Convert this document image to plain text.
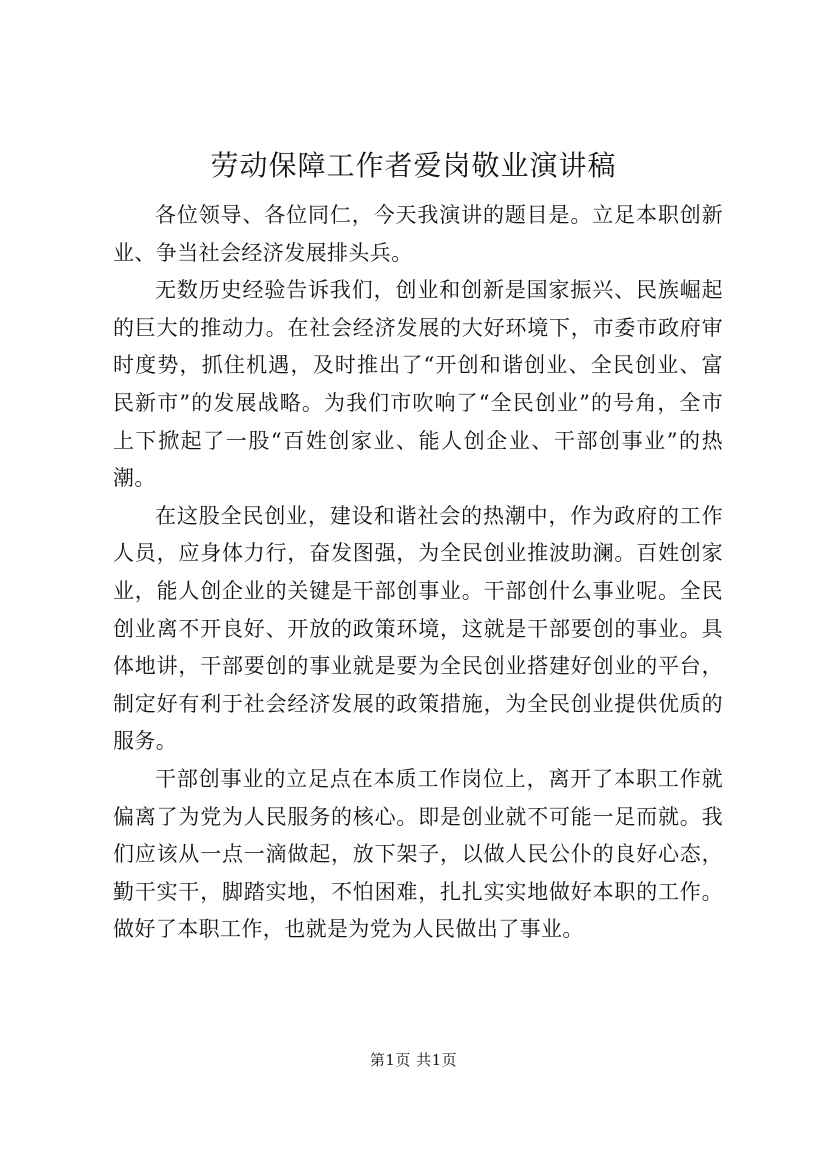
劳动保障工作者爱岗敬业演讲稿

各位领导、各位同仁，今天我演讲的题目是。立足本职创新业、争当社会经济发展排头兵。

无数历史经验告诉我们，创业和创新是国家振兴、民族崛起的巨大的推动力。在社会经济发展的大好环境下，市委市政府审时度势，抓住机遇，及时推出了“开创和谐创业、全民创业、富民新市”的发展战略。为我们市吹响了“全民创业”的号角，全市上下掀起了一股“百姓创家业、能人创企业、干部创事业”的热潮。

在这股全民创业，建设和谐社会的热潮中，作为政府的工作人员，应身体力行，奋发图强，为全民创业推波助澜。百姓创家业，能人创企业的关键是干部创事业。干部创什么事业呢。全民创业离不开良好、开放的政策环境，这就是干部要创的事业。具体地讲，干部要创的事业就是要为全民创业搭建好创业的平台，制定好有利于社会经济发展的政策措施，为全民创业提供优质的服务。

干部创事业的立足点在本质工作岗位上，离开了本职工作就偏离了为党为人民服务的核心。即是创业就不可能一足而就。我们应该从一点一滴做起，放下架子，以做人民公仆的良好心态，勤干实干，脚踏实地，不怕困难，扎扎实实地做好本职的工作。做好了本职工作，也就是为党为人民做出了事业。

第1页 共1页
